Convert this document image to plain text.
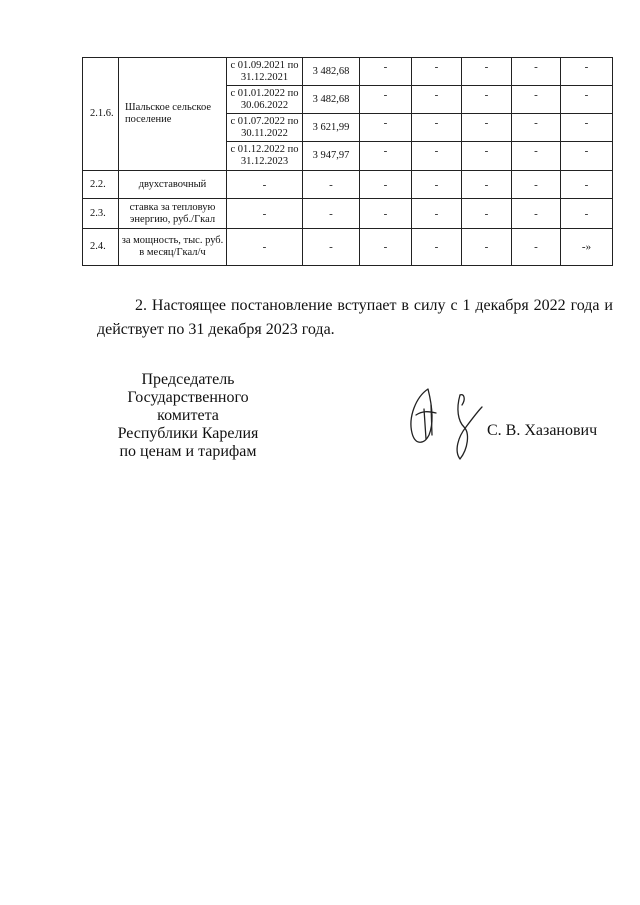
2.1.6.	Шальское сельское поселение	с 01.09.2021 по 31.12.2021	3 482,68	-	-	-	-	-
		с 01.01.2022 по 30.06.2022	3 482,68	-	-	-	-	-
		с 01.07.2022 по 30.11.2022	3 621,99	-	-	-	-	-
		с 01.12.2022 по 31.12.2023	3 947,97	-	-	-	-	-
2.2.	двухставочный	-	-	-	-	-	-	-
2.3.	ставка за тепловую энергию, руб./Гкал	-	-	-	-	-	-	-
2.4.	за мощность, тыс. руб. в месяц/Гкал/ч	-	-	-	-	-	-	-»

2. Настоящее постановление вступает в силу с 1 декабря 2022 года и действует по 31 декабря 2023 года.

Председатель
Государственного комитета
Республики Карелия
по ценам и тарифам
С. В. Хазанович
